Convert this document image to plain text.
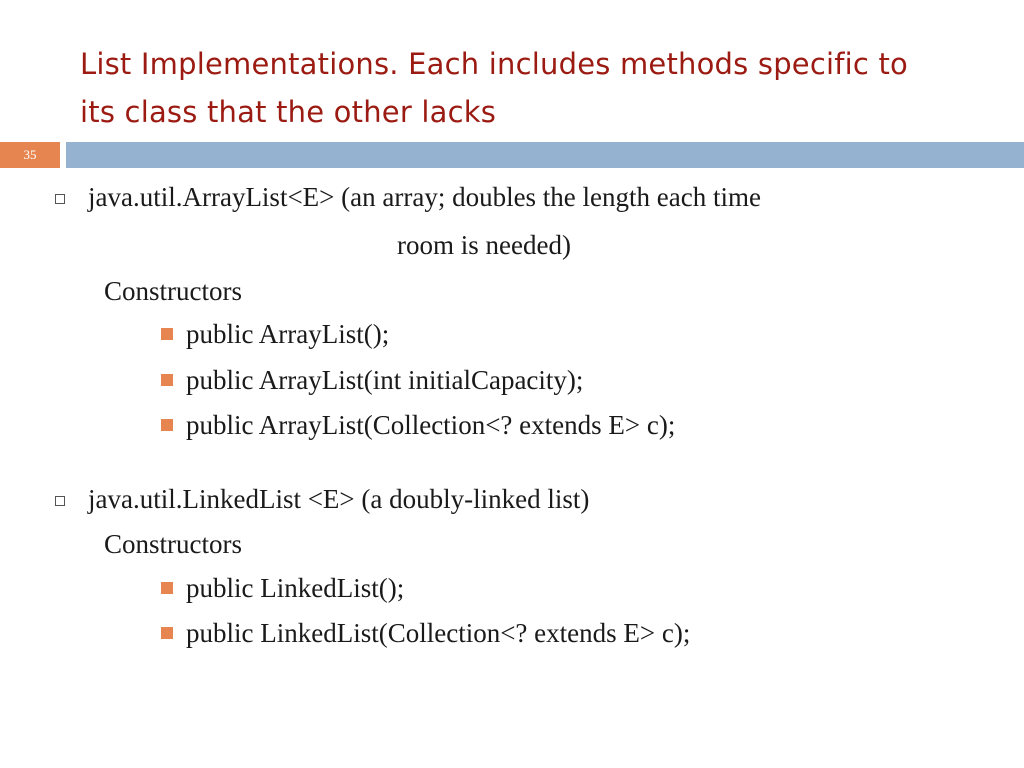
List Implementations. Each includes methods specific to
its class that the other lacks
35
java.util.ArrayList<E> (an array; doubles the length each time
room is needed)
Constructors
public ArrayList();
public ArrayList(int initialCapacity);
public ArrayList(Collection<? extends E> c);
java.util.LinkedList <E> (a doubly-linked list)
Constructors
public LinkedList();
public LinkedList(Collection<? extends E> c);
